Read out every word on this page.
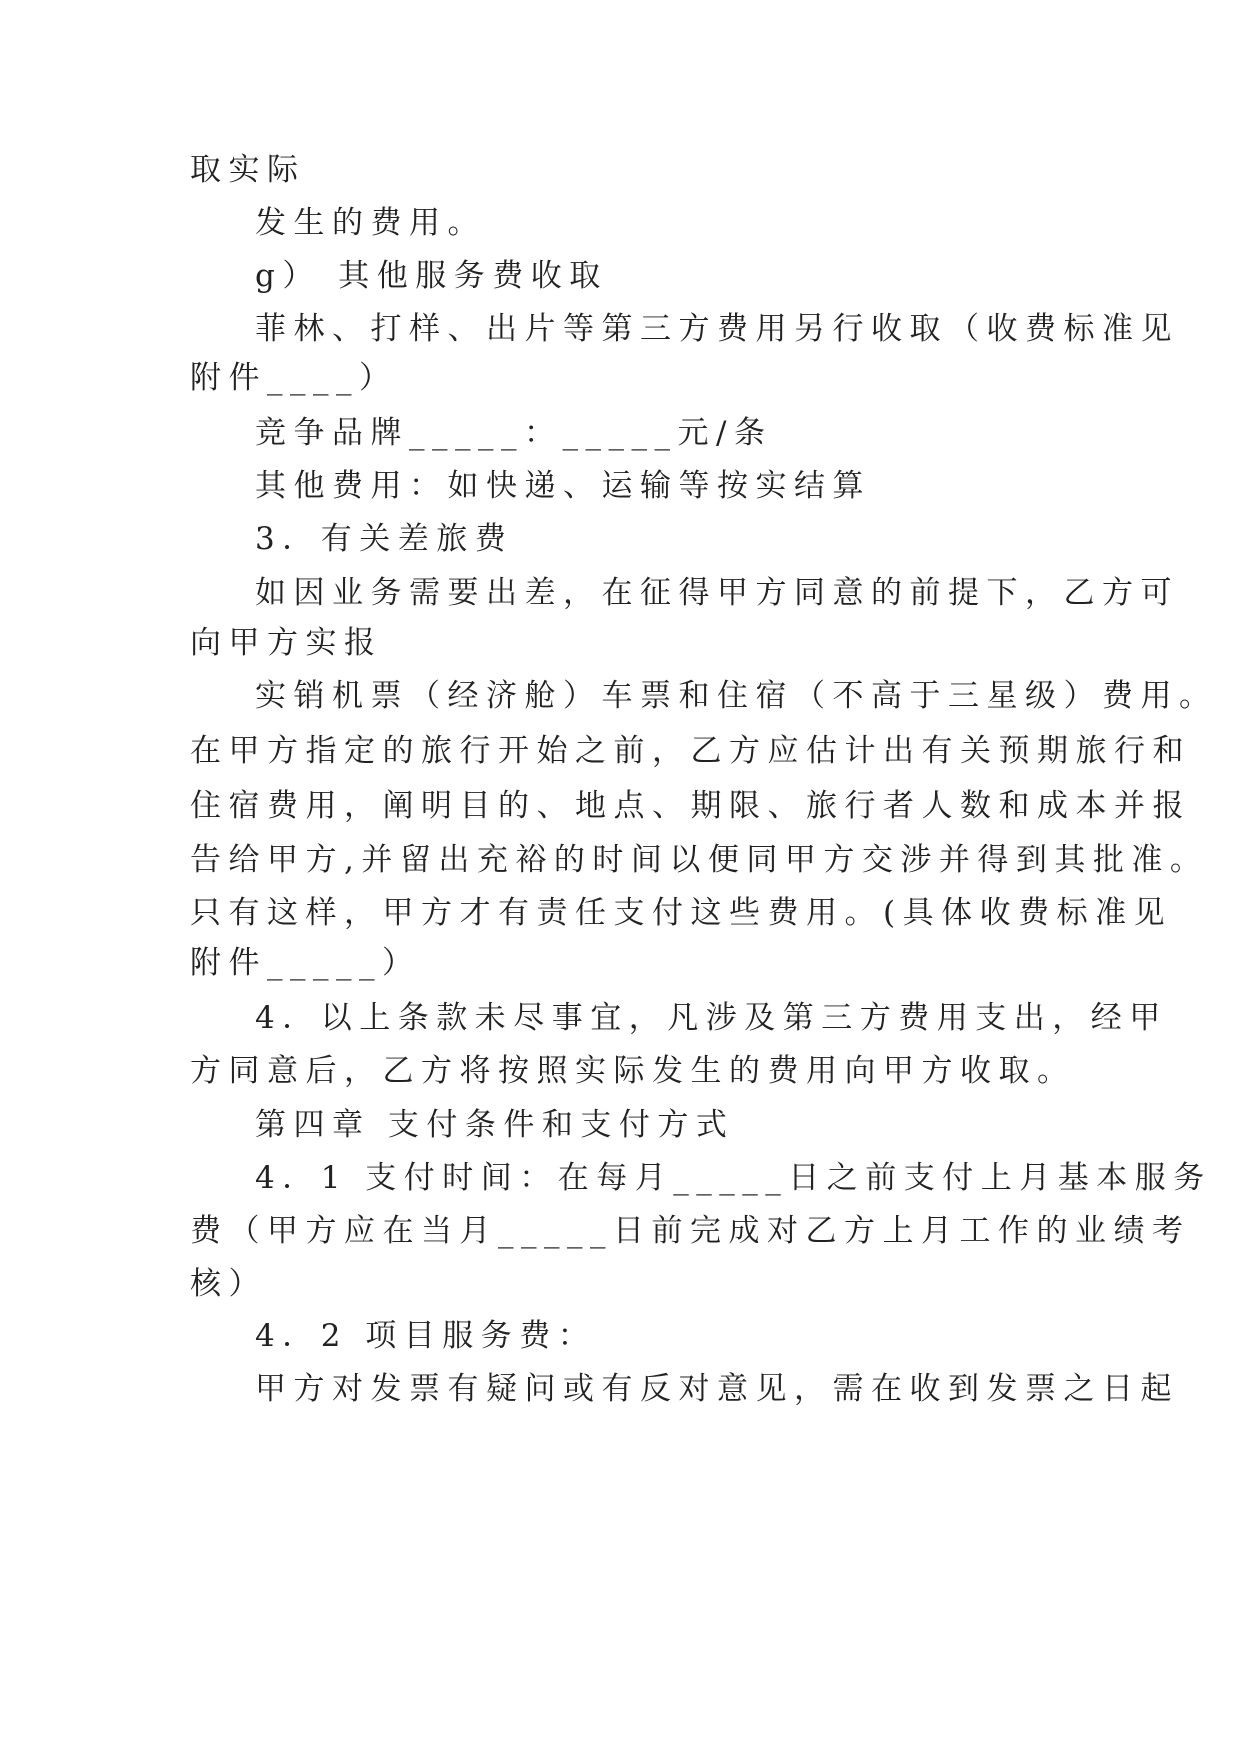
取实际
发生的费用。
g） 其他服务费收取
菲林、打样、出片等第三方费用另行收取（收费标准见
附件____）
竞争品牌_____：_____元/条
其他费用：如快递、运输等按实结算
3．有关差旅费
如因业务需要出差，在征得甲方同意的前提下，乙方可
向甲方实报
实销机票（经济舱）车票和住宿（不高于三星级）费用。
在甲方指定的旅行开始之前，乙方应估计出有关预期旅行和
住宿费用，阐明目的、地点、期限、旅行者人数和成本并报
告给甲方,并留出充裕的时间以便同甲方交涉并得到其批准。
只有这样，甲方才有责任支付这些费用。(具体收费标准见
附件_____）
4．以上条款未尽事宜，凡涉及第三方费用支出，经甲
方同意后，乙方将按照实际发生的费用向甲方收取。
第四章 支付条件和支付方式
4．1 支付时间：在每月_____日之前支付上月基本服务
费（甲方应在当月_____日前完成对乙方上月工作的业绩考
核）
4．2 项目服务费：
甲方对发票有疑问或有反对意见，需在收到发票之日起
